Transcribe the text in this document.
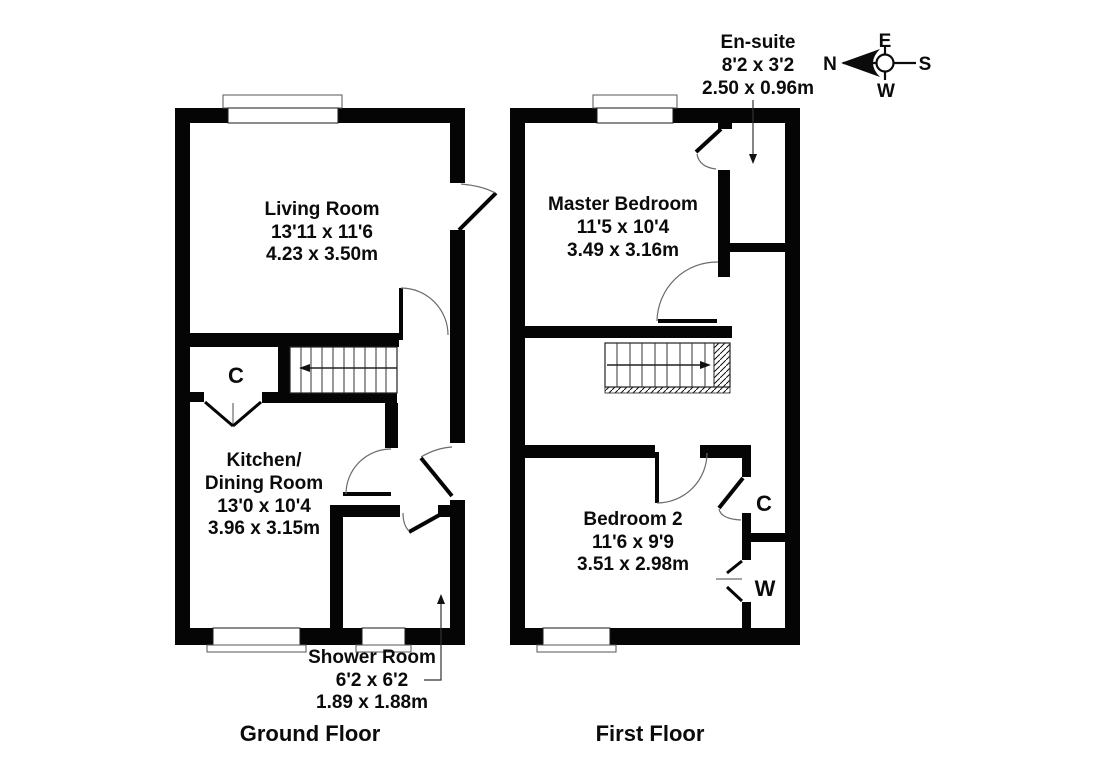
Living Room
13'11 x 11'6
4.23 x 3.50m
C
Kitchen/
Dining Room
13'0 x 10'4
3.96 x 3.15m
Shower Room
6'2 x 6'2
1.89 x 1.88m
Ground Floor
Master Bedroom
11'5 x 10'4
3.49 x 3.16m
Bedroom 2
11'6 x 9'9
3.51 x 2.98m
C
W
En-suite
8'2 x 3'2
2.50 x 0.96m
First Floor
E
N	S
W
